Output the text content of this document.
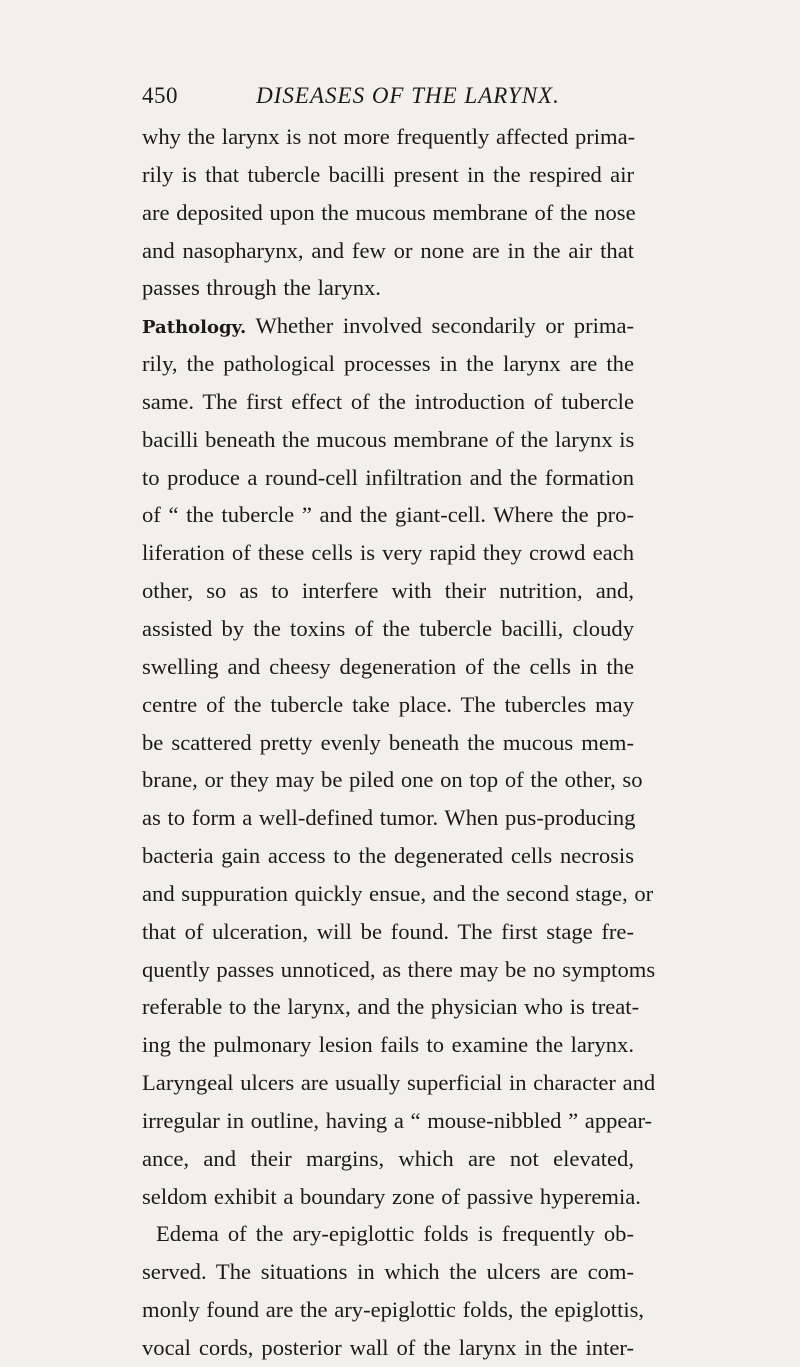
450	DISEASES OF THE LARYNX.
why the larynx is not more frequently affected prima-
rily is that tubercle bacilli present in the respired air
are deposited upon the mucous membrane of the nose
and nasopharynx, and few or none are in the air that
passes through the larynx.
Pathology. Whether involved secondarily or prima-
rily, the pathological processes in the larynx are the
same. The first effect of the introduction of tubercle
bacilli beneath the mucous membrane of the larynx is
to produce a round-cell infiltration and the formation
of “ the tubercle ” and the giant-cell. Where the pro-
liferation of these cells is very rapid they crowd each
other, so as to interfere with their nutrition, and,
assisted by the toxins of the tubercle bacilli, cloudy
swelling and cheesy degeneration of the cells in the
centre of the tubercle take place. The tubercles may
be scattered pretty evenly beneath the mucous mem-
brane, or they may be piled one on top of the other, so
as to form a well-defined tumor. When pus-producing
bacteria gain access to the degenerated cells necrosis
and suppuration quickly ensue, and the second stage, or
that of ulceration, will be found. The first stage fre-
quently passes unnoticed, as there may be no symptoms
referable to the larynx, and the physician who is treat-
ing the pulmonary lesion fails to examine the larynx.
Laryngeal ulcers are usually superficial in character and
irregular in outline, having a “ mouse-nibbled ” appear-
ance, and their margins, which are not elevated,
seldom exhibit a boundary zone of passive hyperemia.
Edema of the ary-epiglottic folds is frequently ob-
served. The situations in which the ulcers are com-
monly found are the ary-epiglottic folds, the epiglottis,
vocal cords, posterior wall of the larynx in the inter-
